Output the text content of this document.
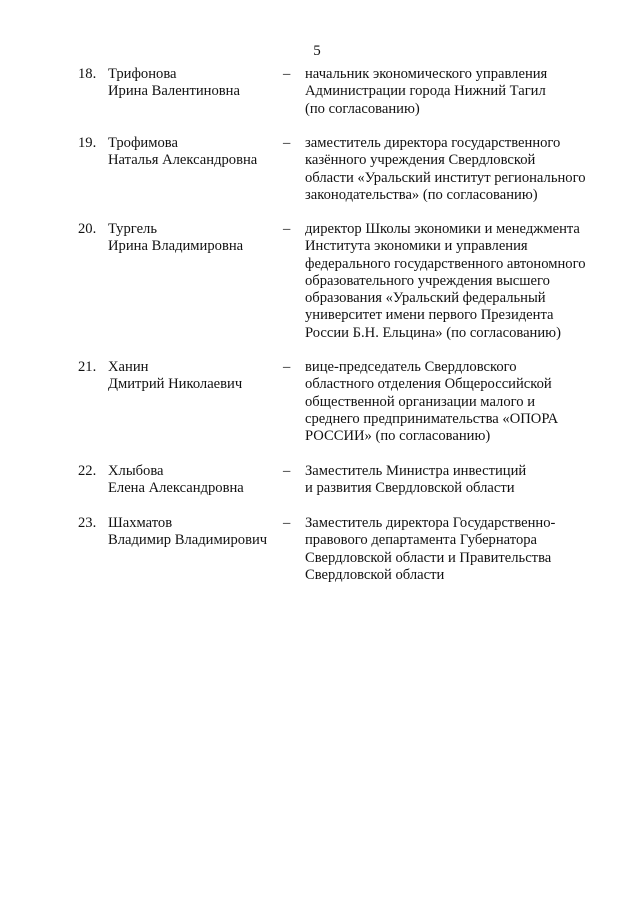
5
18. Трифонова
Ирина Валентиновна
– начальник экономического управления
Администрации города Нижний Тагил
(по согласованию)
19. Трофимова
Наталья Александровна
– заместитель директора государственного
казённого учреждения Свердловской
области «Уральский институт регионального
законодательства» (по согласованию)
20. Тургель
Ирина Владимировна
– директор Школы экономики и менеджмента
Института экономики и управления
федерального государственного автономного
образовательного учреждения высшего
образования «Уральский федеральный
университет имени первого Президента
России Б.Н. Ельцина» (по согласованию)
21. Ханин
Дмитрий Николаевич
– вице-председатель Свердловского
областного отделения Общероссийской
общественной организации малого и
среднего предпринимательства «ОПОРА
РОССИИ» (по согласованию)
22. Хлыбова
Елена Александровна
– Заместитель Министра инвестиций
и развития Свердловской области
23. Шахматов
Владимир Владимирович
– Заместитель директора Государственно-
правового департамента Губернатора
Свердловской области и Правительства
Свердловской области
